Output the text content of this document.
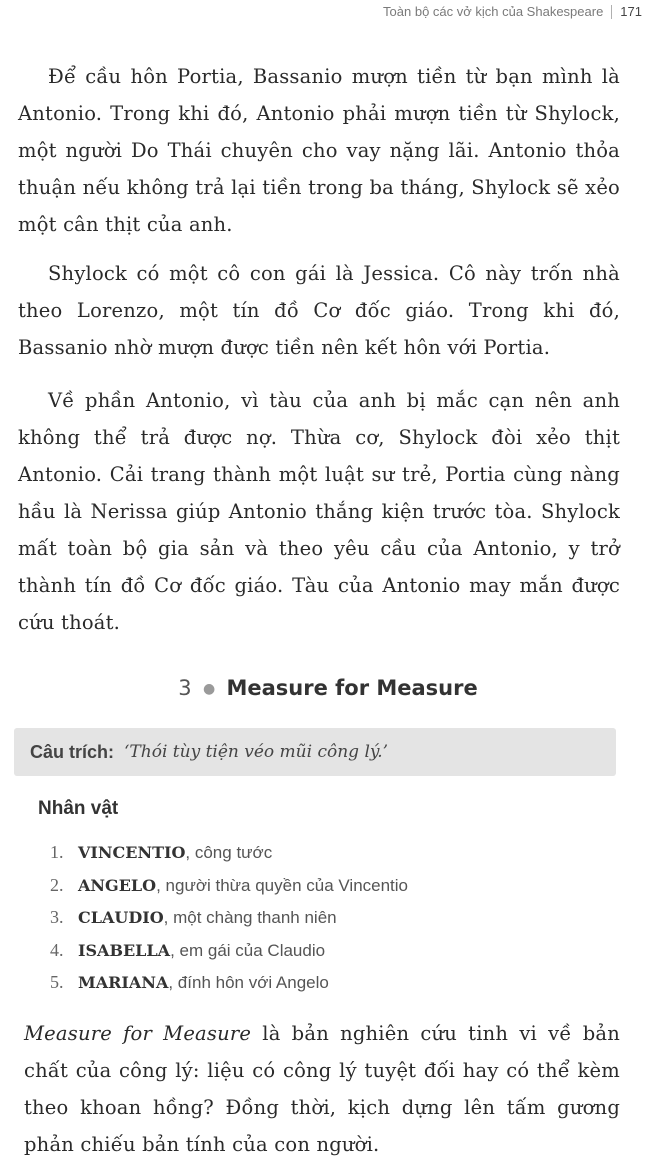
Toàn bộ các vở kịch của Shakespeare 171

Để cầu hôn Portia, Bassanio mượn tiền từ bạn mình là Antonio. Trong khi đó, Antonio phải mượn tiền từ Shylock, một người Do Thái chuyên cho vay nặng lãi. Antonio thỏa thuận nếu không trả lại tiền trong ba tháng, Shylock sẽ xẻo một cân thịt của anh.

Shylock có một cô con gái là Jessica. Cô này trốn nhà theo Lorenzo, một tín đồ Cơ đốc giáo. Trong khi đó, Bassanio nhờ mượn được tiền nên kết hôn với Portia.

Về phần Antonio, vì tàu của anh bị mắc cạn nên anh không thể trả được nợ. Thừa cơ, Shylock đòi xẻo thịt Antonio. Cải trang thành một luật sư trẻ, Portia cùng nàng hầu là Nerissa giúp Antonio thắng kiện trước tòa. Shylock mất toàn bộ gia sản và theo yêu cầu của Antonio, y trở thành tín đồ Cơ đốc giáo. Tàu của Antonio may mắn được cứu thoát.

3 ● Measure for Measure
Câu trích: ‘Thói tùy tiện véo mũi công lý.’
Nhân vật
1. VINCENTIO, công tước
2. ANGELO, người thừa quyền của Vincentio
3. CLAUDIO, một chàng thanh niên
4. ISABELLA, em gái của Claudio
5. MARIANA, đính hôn với Angelo

Measure for Measure là bản nghiên cứu tinh vi về bản chất của công lý: liệu có công lý tuyệt đối hay có thể kèm theo khoan hồng? Đồng thời, kịch dựng lên tấm gương phản chiếu bản tính của con người.
